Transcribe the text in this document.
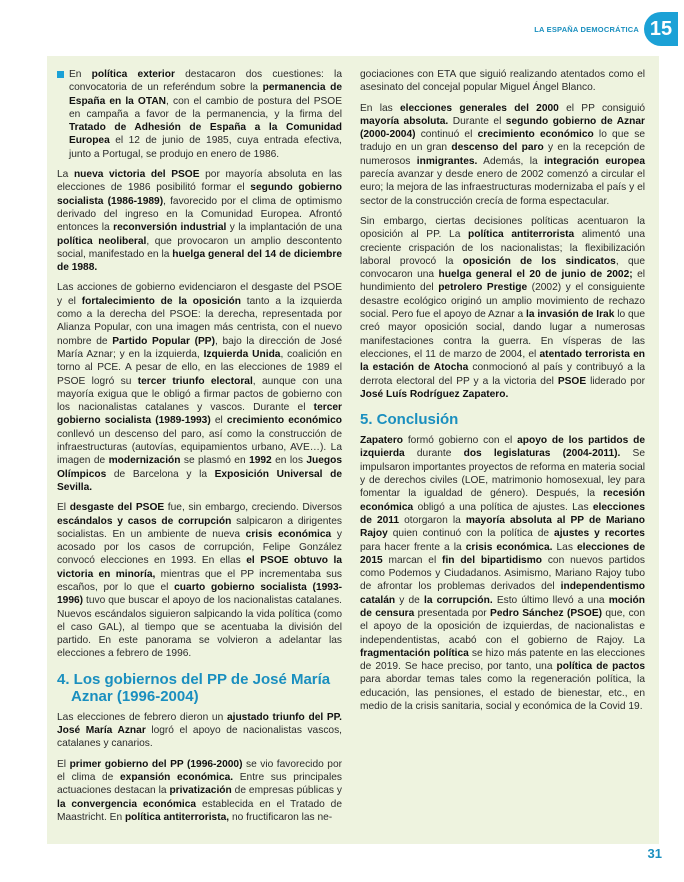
LA ESPAÑA DEMOCRÁTICA 15

En política exterior destacaron dos cuestiones: la convocatoria de un referéndum sobre la permanencia de España en la OTAN, con el cambio de postura del PSOE en campaña a favor de la permanencia, y la firma del Tratado de Adhesión de España a la Comunidad Europea el 12 de junio de 1985, cuya entrada efectiva, junto a Portugal, se produjo en enero de 1986.

La nueva victoria del PSOE por mayoría absoluta en las elecciones de 1986 posibilitó formar el segundo gobierno socialista (1986-1989), favorecido por el clima de optimismo derivado del ingreso en la Comunidad Europea. Afrontó entonces la reconversión industrial y la implantación de una política neoliberal, que provocaron un amplio descontento social, manifestado en la huelga general del 14 de diciembre de 1988.

Las acciones de gobierno evidenciaron el desgaste del PSOE y el fortalecimiento de la oposición tanto a la izquierda como a la derecha del PSOE: la derecha, representada por Alianza Popular, con una imagen más centrista, con el nuevo nombre de Partido Popular (PP), bajo la dirección de José María Aznar; y en la izquierda, Izquierda Unida, coalición en torno al PCE. A pesar de ello, en las elecciones de 1989 el PSOE logró su tercer triunfo electoral, aunque con una mayoría exigua que le obligó a firmar pactos de gobierno con los nacionalistas catalanes y vascos. Durante el tercer gobierno socialista (1989-1993) el crecimiento económico conllevó un descenso del paro, así como la construcción de infraestructuras (autovías, equipamientos urbano, AVE…). La imagen de modernización se plasmó en 1992 en los Juegos Olímpicos de Barcelona y la Exposición Universal de Sevilla.

El desgaste del PSOE fue, sin embargo, creciendo. Diversos escándalos y casos de corrupción salpicaron a dirigentes socialistas. En un ambiente de nueva crisis económica y acosado por los casos de corrupción, Felipe González convocó elecciones en 1993. En ellas el PSOE obtuvo la victoria en minoría, mientras que el PP incrementaba sus escaños, por lo que el cuarto gobierno socialista (1993-1996) tuvo que buscar el apoyo de los nacionalistas catalanes. Nuevos escándalos siguieron salpicando la vida política (como el caso GAL), al tiempo que se acentuaba la división del partido. En este panorama se volvieron a adelantar las elecciones a febrero de 1996.

4. Los gobiernos del PP de José María
Aznar (1996-2004)

Las elecciones de febrero dieron un ajustado triunfo del PP. José María Aznar logró el apoyo de nacionalistas vascos, catalanes y canarios.

El primer gobierno del PP (1996-2000) se vio favorecido por el clima de expansión económica. Entre sus principales actuaciones destacan la privatización de empresas públicas y la convergencia económica establecida en el Tratado de Maastricht. En política antiterrorista, no fructificaron las ne-

gociaciones con ETA que siguió realizando atentados como el asesinato del concejal popular Miguel Ángel Blanco.

En las elecciones generales del 2000 el PP consiguió mayoría absoluta. Durante el segundo gobierno de Aznar (2000-2004) continuó el crecimiento económico lo que se tradujo en un gran descenso del paro y en la recepción de numerosos inmigrantes. Además, la integración europea parecía avanzar y desde enero de 2002 comenzó a circular el euro; la mejora de las infraestructuras modernizaba el país y el sector de la construcción crecía de forma espectacular.

Sin embargo, ciertas decisiones políticas acentuaron la oposición al PP. La política antiterrorista alimentó una creciente crispación de los nacionalistas; la flexibilización laboral provocó la oposición de los sindicatos, que convocaron una huelga general el 20 de junio de 2002; el hundimiento del petrolero Prestige (2002) y el consiguiente desastre ecológico originó un amplio movimiento de rechazo social. Pero fue el apoyo de Aznar a la invasión de Irak lo que creó mayor oposición social, dando lugar a numerosas manifestaciones contra la guerra. En vísperas de las elecciones, el 11 de marzo de 2004, el atentado terrorista en la estación de Atocha conmocionó al país y contribuyó a la derrota electoral del PP y a la victoria del PSOE liderado por José Luís Rodríguez Zapatero.

5. Conclusión

Zapatero formó gobierno con el apoyo de los partidos de izquierda durante dos legislaturas (2004-2011). Se impulsaron importantes proyectos de reforma en materia social y de derechos civiles (LOE, matrimonio homosexual, ley para fomentar la igualdad de género). Después, la recesión económica obligó a una política de ajustes. Las elecciones de 2011 otorgaron la mayoría absoluta al PP de Mariano Rajoy quien continuó con la política de ajustes y recortes para hacer frente a la crisis económica. Las elecciones de 2015 marcan el fin del bipartidismo con nuevos partidos como Podemos y Ciudadanos. Asimismo, Mariano Rajoy tubo de afrontar los problemas derivados del independentismo catalán y de la corrupción. Esto último llevó a una moción de censura presentada por Pedro Sánchez (PSOE) que, con el apoyo de la oposición de izquierdas, de nacionalistas e independentistas, acabó con el gobierno de Rajoy. La fragmentación política se hizo más patente en las elecciones de 2019. Se hace preciso, por tanto, una política de pactos para abordar temas tales como la regeneración política, la educación, las pensiones, el estado de bienestar, etc., en medio de la crisis sanitaria, social y económica de la Covid 19.

31
